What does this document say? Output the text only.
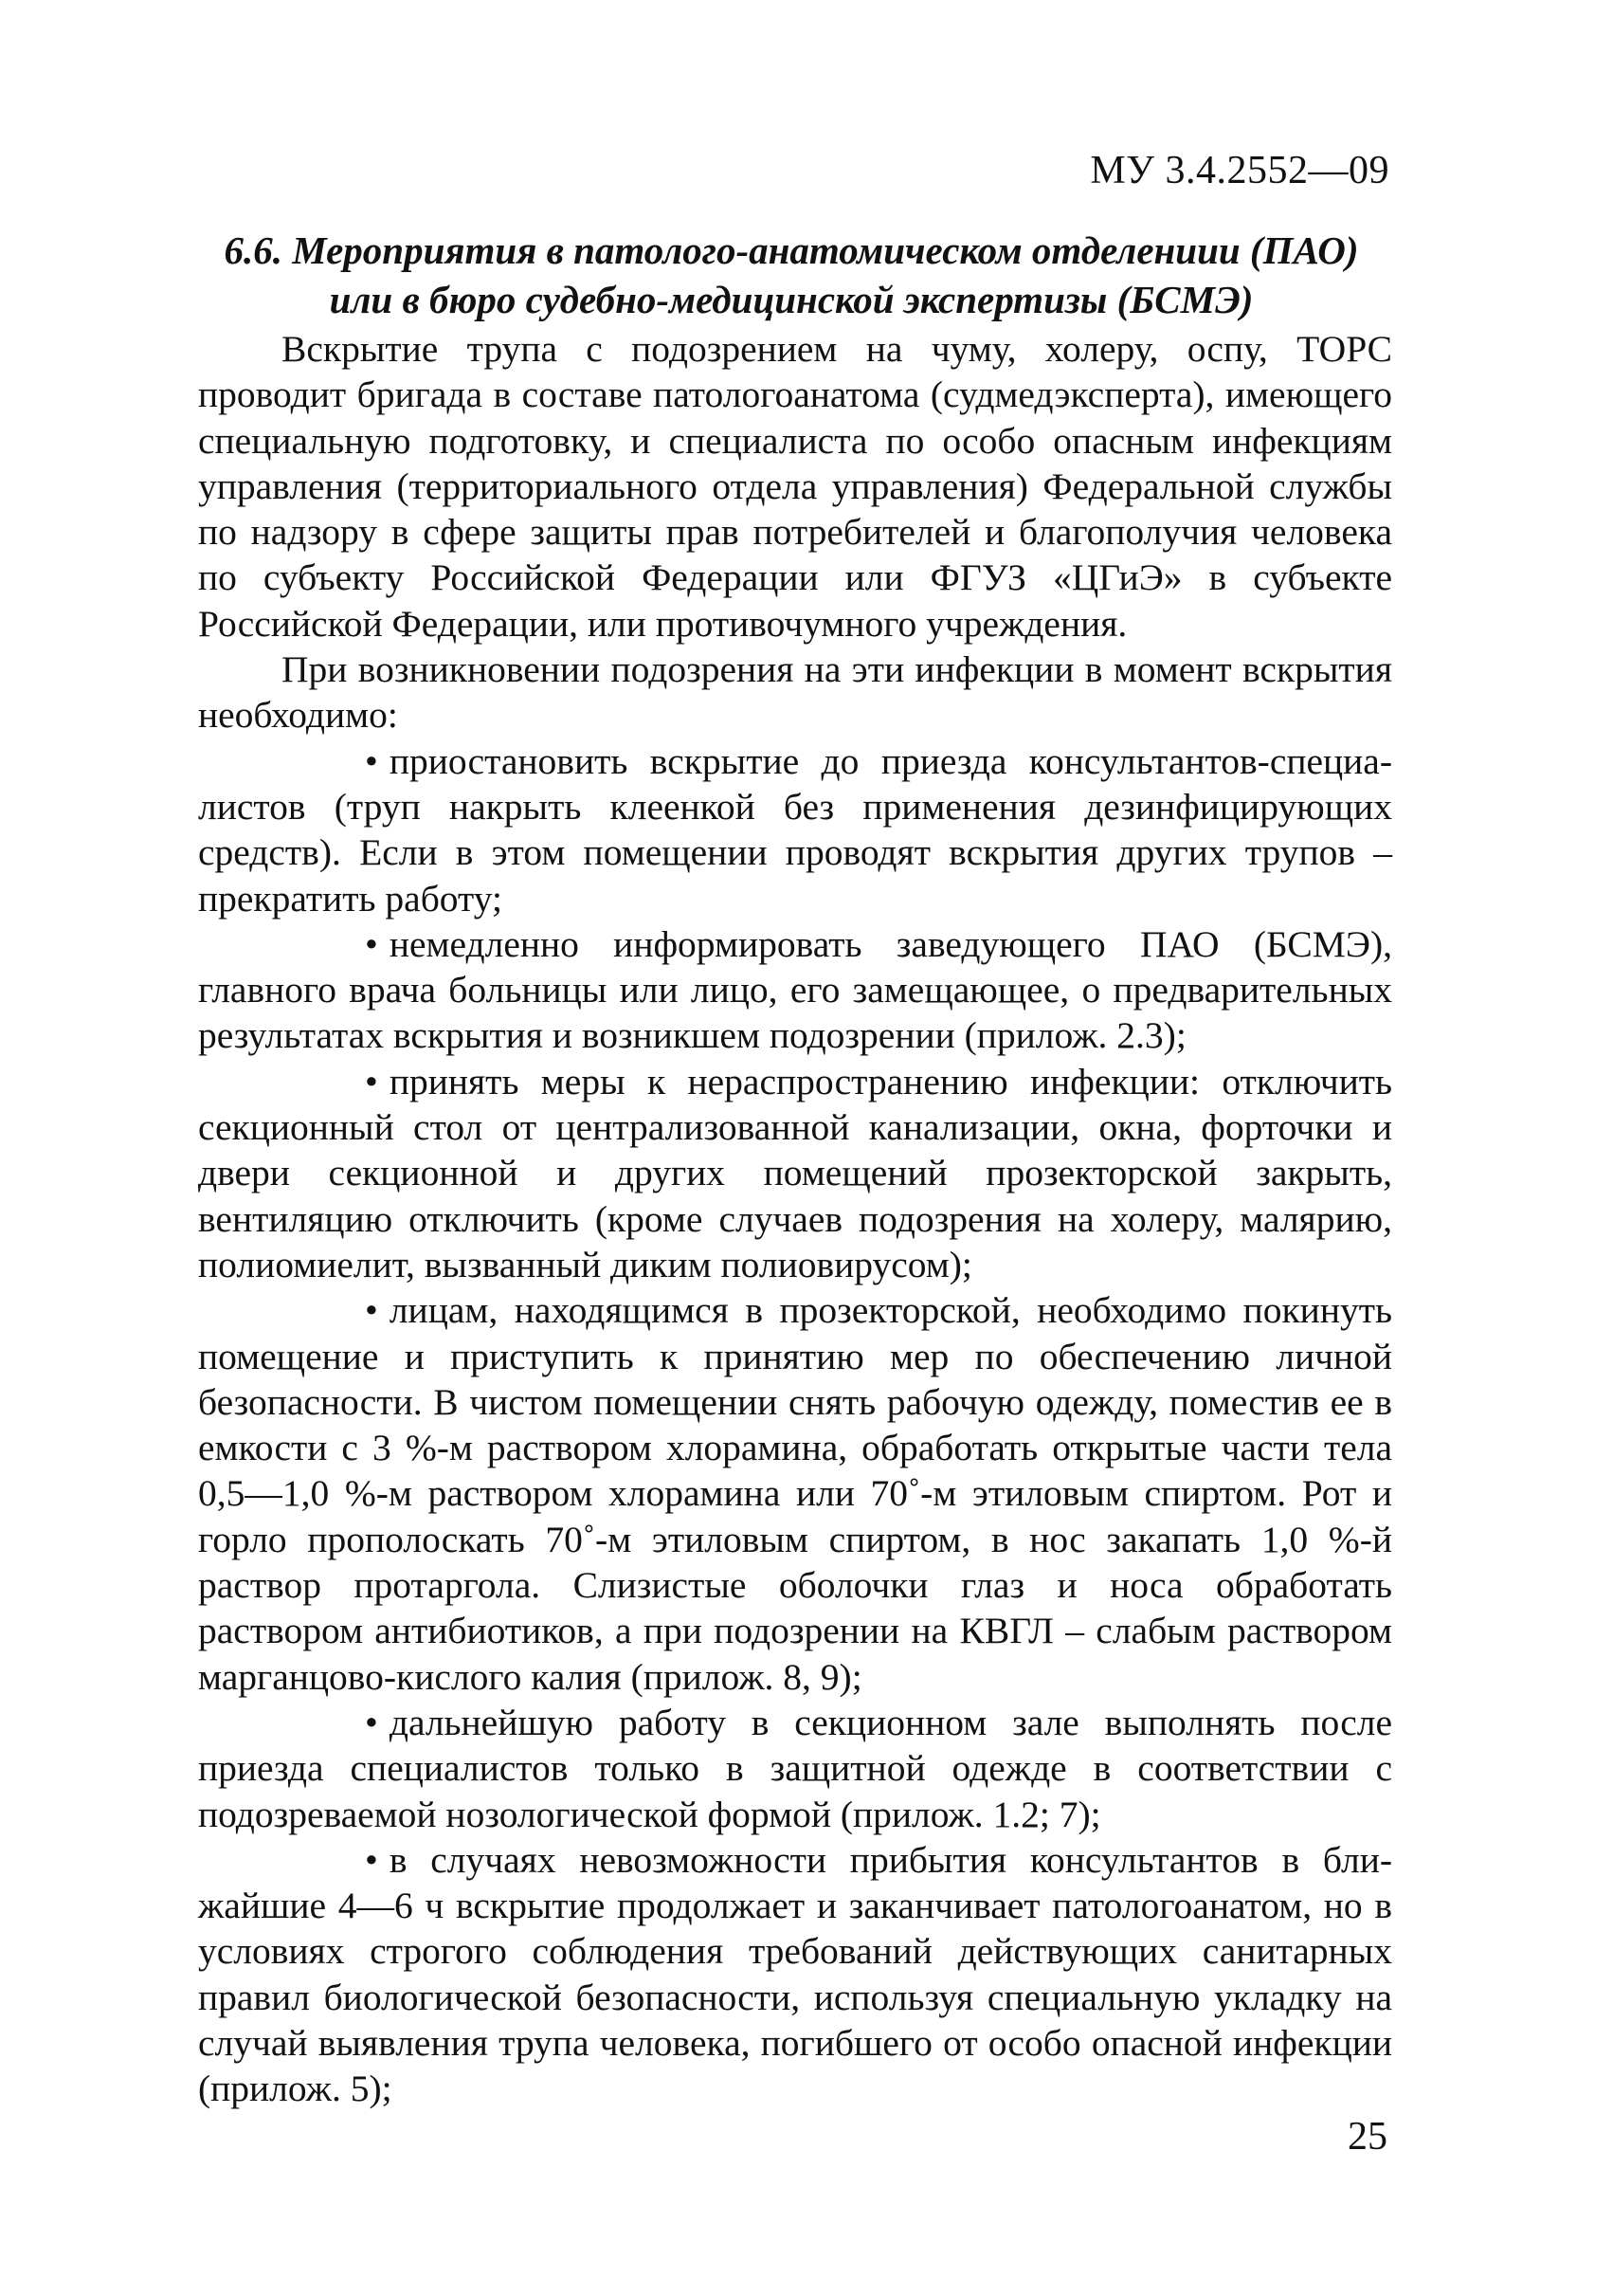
МУ 3.4.2552—09
6.6. Мероприятия в патолого-анатомическом отделениии (ПАО)
или в бюро судебно-медицинской экспертизы (БСМЭ)

Вскрытие трупа с подозрением на чуму, холеру, оспу, ТОРС проводит бригада в составе патологоанатома (судмедэксперта), имеющего специальную подготовку, и специалиста по особо опасным инфекциям управления (территориального отдела управления) Федеральной службы по надзору в сфере защиты прав потребителей и благополучия человека по субъекту Российской Федерации или ФГУЗ «ЦГиЭ» в субъекте Российской Федерации, или противочумного учреждения.

При возникновении подозрения на эти инфекции в момент вскрытия необходимо:

• приостановить вскрытие до приезда консультантов-специалистов (труп накрыть клеенкой без применения дезинфицирующих средств). Если в этом помещении проводят вскрытия других трупов – прекратить работу;

• немедленно информировать заведующего ПАО (БСМЭ), главного врача больницы или лицо, его замещающее, о предварительных результатах вскрытия и возникшем подозрении (прилож. 2.3);

• принять меры к нераспространению инфекции: отключить секционный стол от централизованной канализации, окна, форточки и двери секционной и других помещений прозекторской закрыть, вентиляцию отключить (кроме случаев подозрения на холеру, малярию, полиомиелит, вызванный диким полиовирусом);

• лицам, находящимся в прозекторской, необходимо покинуть помещение и приступить к принятию мер по обеспечению личной безопасности. В чистом помещении снять рабочую одежду, поместив ее в емкости с 3 %-м раствором хлорамина, обработать открытые части тела 0,5—1,0 %-м раствором хлорамина или 70˚-м этиловым спиртом. Рот и горло прополоскать 70˚-м этиловым спиртом, в нос закапать 1,0 %-й раствор протаргола. Слизистые оболочки глаз и носа обработать раствором антибиотиков, а при подозрении на КВГЛ – слабым раствором марганцово-кислого калия (прилож. 8, 9);

• дальнейшую работу в секционном зале выполнять после приезда специалистов только в защитной одежде в соответствии с подозреваемой нозологической формой (прилож. 1.2; 7);

• в случаях невозможности прибытия консультантов в ближайшие 4—6 ч вскрытие продолжает и заканчивает патологоанатом, но в условиях строгого соблюдения требований действующих санитарных правил биологической безопасности, используя специальную укладку на случай выявления трупа человека, погибшего от особо опасной инфекции (прилож. 5);

25
